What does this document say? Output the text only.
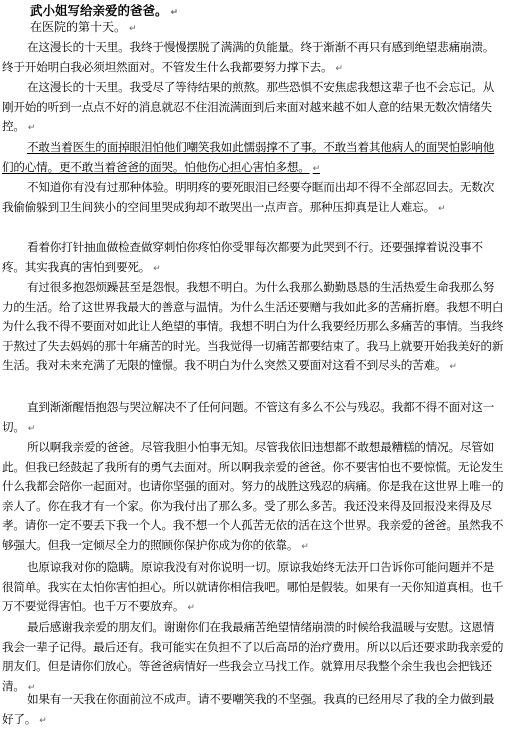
武小姐写给亲爱的爸爸。 ↵
在医院的第十天。 ↵
在这漫长的十天里。我终于慢慢摆脱了满满的负能量。终于渐渐不再只有感到绝望悲痛崩溃。终于开始明白我必须坦然面对。不管发生什么我都要努力撑下去。 ↵
在这漫长的十天里。我受尽了等待结果的煎熬。那些恐惧不安焦虑我想这辈子也不会忘记。从刚开始的听到一点点不好的消息就忍不住泪流满面到后来面对越来越不如人意的结果无数次情绪失控。 ↵
不敢当着医生的面掉眼泪怕他们嘲笑我如此懦弱撑不了事。不敢当着其他病人的面哭怕影响他们的心情。更不敢当着爸爸的面哭。怕他伤心担心害怕多想。 ↵
不知道你有没有过那种体验。明明疼的要死眼泪已经要夺眶而出却不得不全部忍回去。无数次我偷偷躲到卫生间狭小的空间里哭成狗却不敢哭出一点声音。那种压抑真是让人难忘。 ↵
看着你打针抽血做检查做穿刺怕你疼怕你受罪每次都要为此哭到不行。还要强撑着说没事不疼。其实我真的害怕到要死。 ↵
有过很多抱怨烦躁甚至是怨恨。我想不明白。为什么我那么勤勤恳恳的生活热爱生命我那么努力的生活。给了这世界我最大的善意与温情。为什么生活还要赠与我如此多的苦痛折磨。我想不明白为什么我不得不要面对如此让人绝望的事情。我想不明白为什么我要经历那么多痛苦的事情。当我终于熬过了失去妈妈的那十年痛苦的时光。当我觉得一切痛苦都要结束了。我马上就要开始我美好的新生活。我对未来充满了无限的憧憬。我不明白为什么突然又要面对这看不到尽头的苦难。 ↵
直到渐渐醒悟抱怨与哭泣解决不了任何问题。不管这有多么不公与残忍。我都不得不面对这一切。 ↵
所以啊我亲爱的爸爸。尽管我胆小怕事无知。尽管我依旧违想都不敢想最糟糕的情况。尽管如此。但我已经鼓起了我所有的勇气去面对。所以啊我亲爱的爸爸。你不要害怕也不要惊慌。无论发生什么我都会陪你一起面对。也请你坚强的面对。努力的战胜这残忍的病痛。你是我在这世界上唯一的亲人了。你在我才有一个家。你为我付出了那么多。受了那么多苦。我还没来得及回报没来得及尽孝。请你一定不要丢下我一个人。我不想一个人孤苦无依的活在这个世界。我亲爱的爸爸。虽然我不够强大。但我一定倾尽全力的照顾你保护你成为你的依靠。 ↵
也原谅我对你的隐瞒。原谅我没有对你说明一切。原谅我始终无法开口告诉你可能问题并不是很简单。我实在太怕你害怕担心。所以就请你相信我吧。哪怕是假装。如果有一天你知道真相。也千万不要觉得害怕。也千万不要放弃。 ↵
最后感谢我亲爱的朋友们。谢谢你们在我最痛苦绝望情绪崩溃的时候给我温暖与安慰。这恩情我会一辈子记得。最后还有。我可能实在负担不了以后高昂的治疗费用。所以以后还要求助我亲爱的朋友们。但是请你们放心。等爸爸病情好一些我会立马找工作。就算用尽我整个余生我也会把钱还清。 ↵
如果有一天我在你面前泣不成声。请不要嘲笑我的不坚强。我真的已经用尽了我的全力做到最好了。 ↵
